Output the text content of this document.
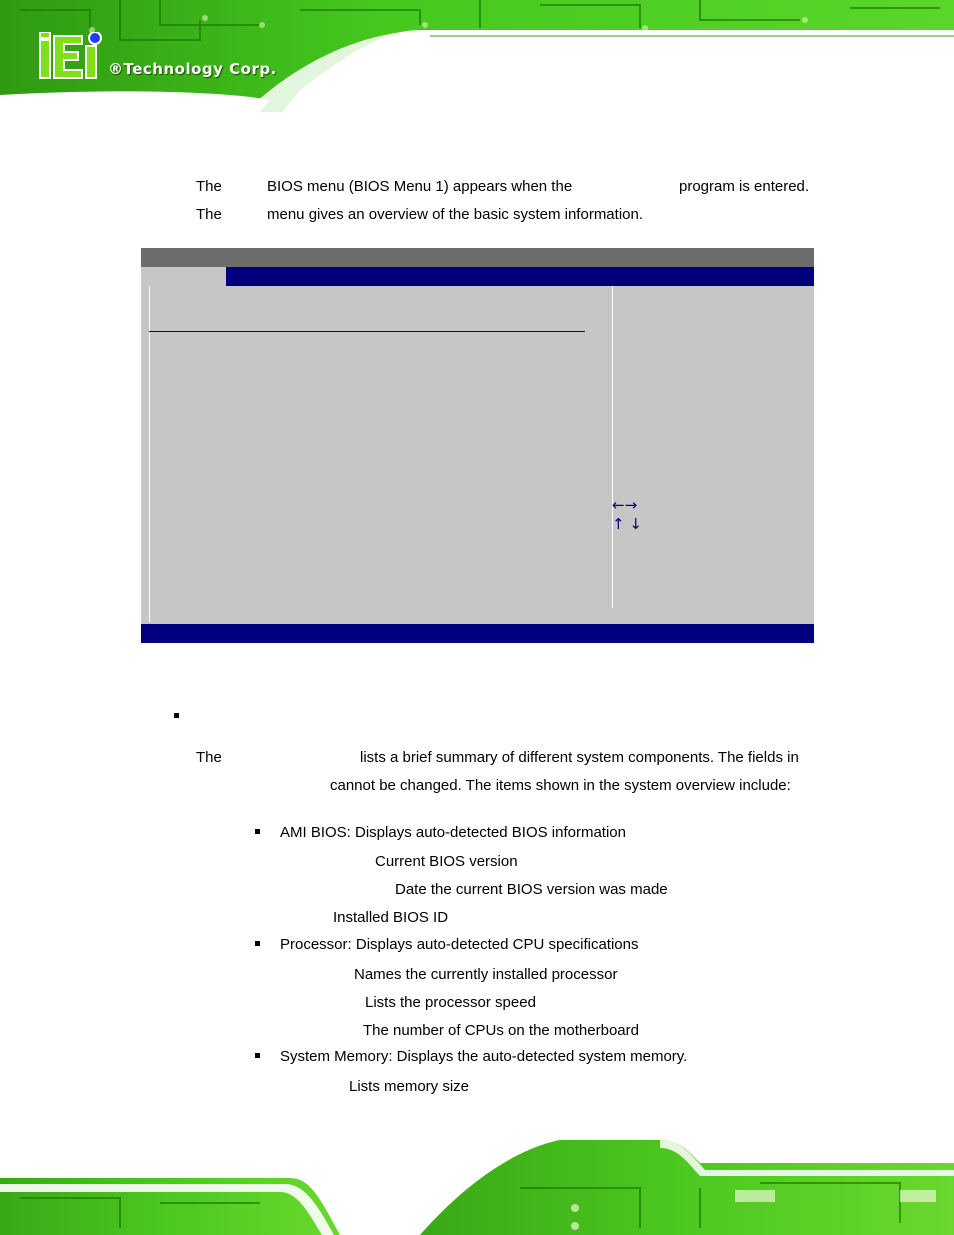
®Technology Corp.
The	BIOS menu (BIOS Menu 1) appears when the	program is entered.
The	menu gives an overview of the basic system information.
←→
↑ ↓
The	lists a brief summary of different system components. The fields in
cannot be changed. The items shown in the system overview include:
AMI BIOS: Displays auto-detected BIOS information
Current BIOS version
Date the current BIOS version was made
Installed BIOS ID
Processor: Displays auto-detected CPU specifications
Names the currently installed processor
Lists the processor speed
The number of CPUs on the motherboard
System Memory: Displays the auto-detected system memory.
Lists memory size
